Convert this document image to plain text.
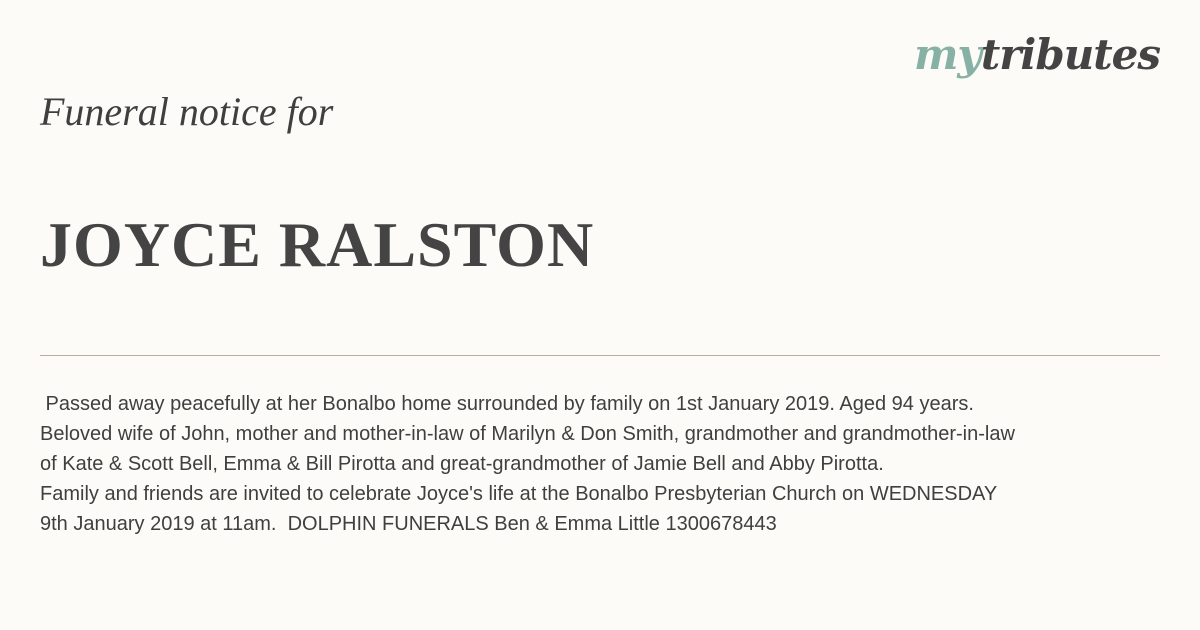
mytributes
Funeral notice for
JOYCE RALSTON
Passed away peacefully at her Bonalbo home surrounded by family on 1st January 2019. Aged 94 years.
Beloved wife of John, mother and mother-in-law of Marilyn & Don Smith, grandmother and grandmother-in-law
of Kate & Scott Bell, Emma & Bill Pirotta and great-grandmother of Jamie Bell and Abby Pirotta.
Family and friends are invited to celebrate Joyce's life at the Bonalbo Presbyterian Church on WEDNESDAY
9th January 2019 at 11am.  DOLPHIN FUNERALS Ben & Emma Little 1300678443
